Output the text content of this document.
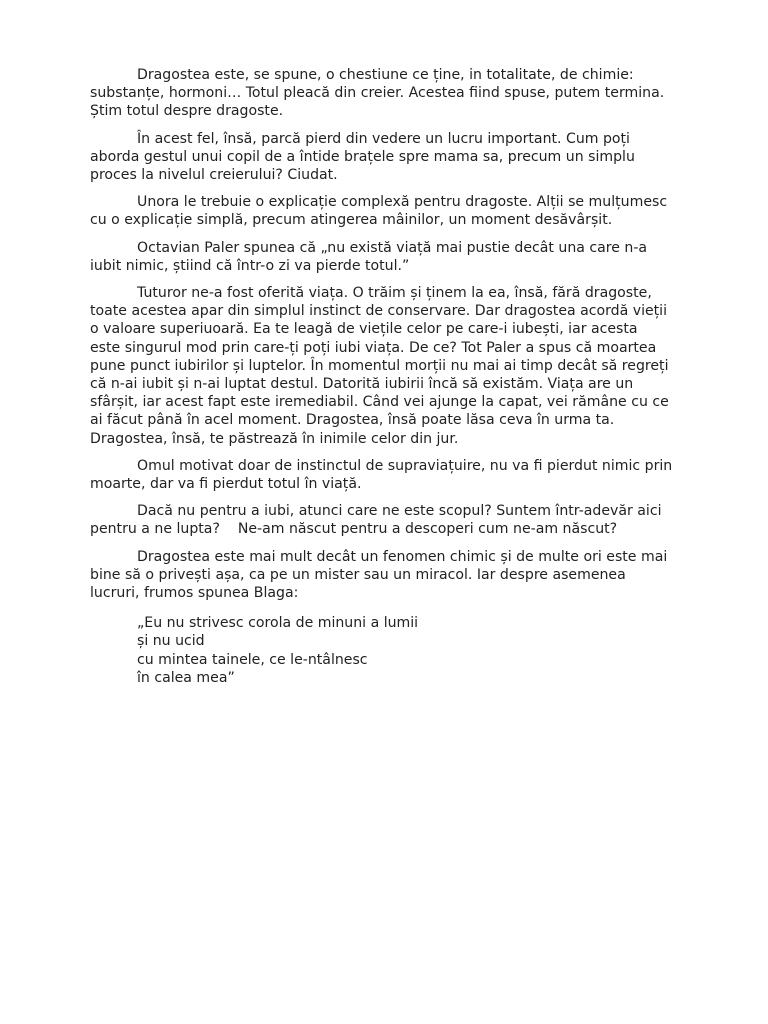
Dragostea este, se spune, o chestiune ce ține, in totalitate, de chimie:
substanțe, hormoni… Totul pleacă din creier. Acestea fiind spuse, putem termina.
Știm totul despre dragoste.

În acest fel, însă, parcă pierd din vedere un lucru important. Cum poți
aborda gestul unui copil de a întide brațele spre mama sa, precum un simplu
proces la nivelul creierului? Ciudat.

Unora le trebuie o explicație complexă pentru dragoste. Alții se mulțumesc
cu o explicație simplă, precum atingerea mâinilor, un moment desăvârșit.

Octavian Paler spunea că „nu există viață mai pustie decât una care n-a
iubit nimic, știind că într-o zi va pierde totul.”

Tuturor ne-a fost oferită viața. O trăim și ținem la ea, însă, fără dragoste,
toate acestea apar din simplul instinct de conservare. Dar dragostea acordă vieții
o valoare superiuoară. Ea te leagă de viețile celor pe care-i iubești, iar acesta
este singurul mod prin care-ți poți iubi viața. De ce? Tot Paler a spus că moartea
pune punct iubirilor și luptelor. În momentul morții nu mai ai timp decât să regreți
că n-ai iubit și n-ai luptat destul. Datorită iubirii încă să existăm. Viața are un
sfârșit, iar acest fapt este iremediabil. Când vei ajunge la capat, vei rămâne cu ce
ai făcut până în acel moment. Dragostea, însă poate lăsa ceva în urma ta.
Dragostea, însă, te păstrează în inimile celor din jur.

Omul motivat doar de instinctul de supraviațuire, nu va fi pierdut nimic prin
moarte, dar va fi pierdut totul în viață.

Dacă nu pentru a iubi, atunci care ne este scopul? Suntem într-adevăr aici
pentru a ne lupta?    Ne-am născut pentru a descoperi cum ne-am născut?

Dragostea este mai mult decât un fenomen chimic și de multe ori este mai
bine să o privești așa, ca pe un mister sau un miracol. Iar despre asemenea
lucruri, frumos spunea Blaga:

„Eu nu strivesc corola de minuni a lumii
și nu ucid
cu mintea tainele, ce le-ntâlnesc
în calea mea”
